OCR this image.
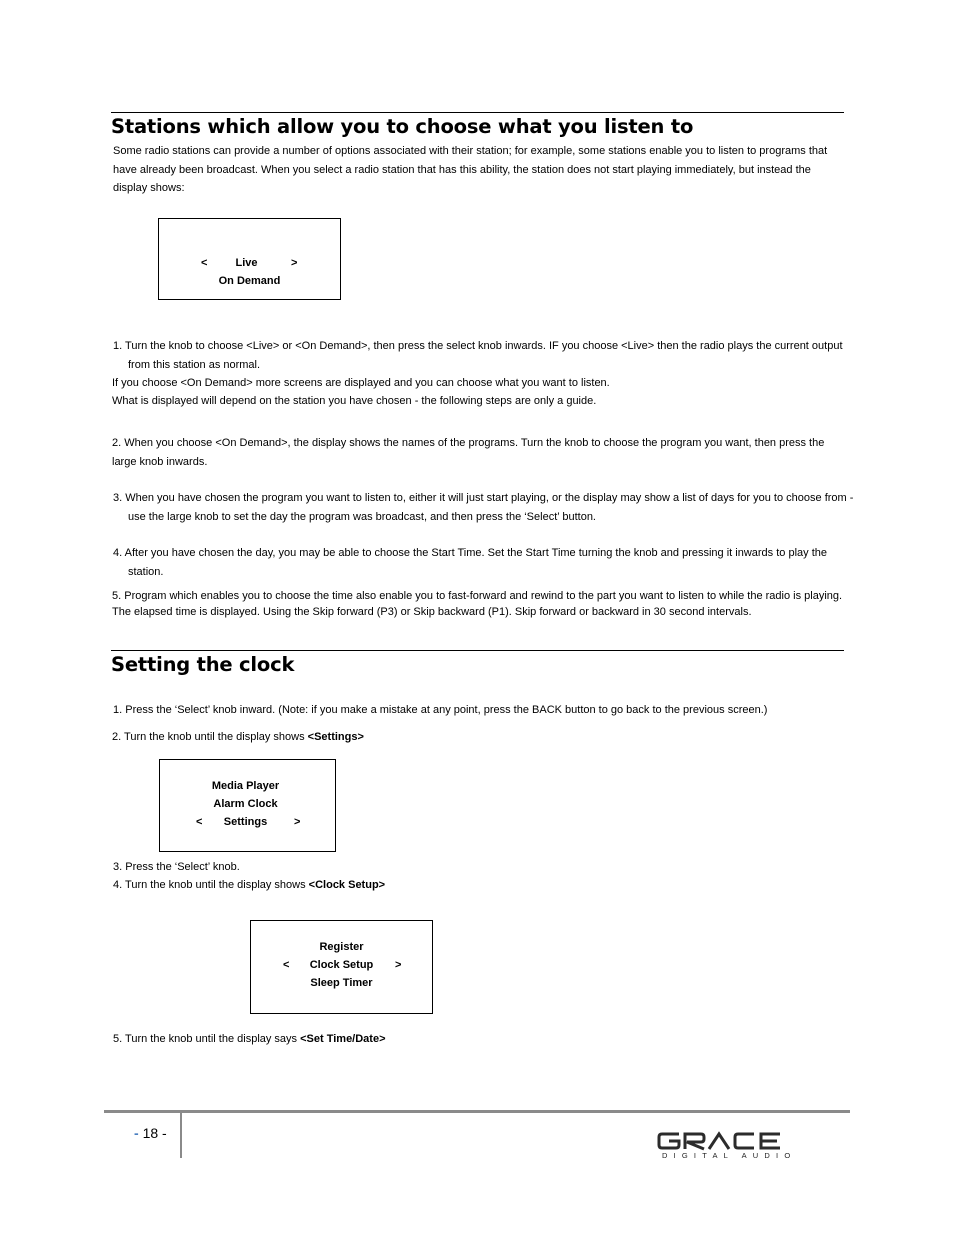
Stations which allow you to choose what you listen to
Some radio stations can provide a number of options associated with their station; for example, some stations enable you to listen to programs that have already been broadcast. When you select a radio station that has this ability, the station does not start playing immediately, but instead the display shows:
<	Live	>
On Demand
1. Turn the knob to choose <Live> or <On Demand>, then press the select knob inwards. IF you choose <Live> then the radio plays the current output from this station as normal.
If you choose <On Demand> more screens are displayed and you can choose what you want to listen.
What is displayed will depend on the station you have chosen - the following steps are only a guide.
2. When you choose <On Demand>, the display shows the names of the programs. Turn the knob to choose the program you want, then press the large knob inwards.
3. When you have chosen the program you want to listen to, either it will just start playing, or the display may show a list of days for you to choose from - use the large knob to set the day the program was broadcast, and then press the ‘Select’ button.
4. After you have chosen the day, you may be able to choose the Start Time. Set the Start Time turning the knob and pressing it inwards to play the station.
5. Program which enables you to choose the time also enable you to fast-forward and rewind to the part you want to listen to while the radio is playing. The elapsed time is displayed. Using the Skip forward (P3) or Skip backward (P1). Skip forward or backward in 30 second intervals.
Setting the clock
1. Press the ‘Select’ knob inward. (Note: if you make a mistake at any point, press the BACK button to go back to the previous screen.)
2. Turn the knob until the display shows <Settings>
Media Player
Alarm Clock
<	Settings	>
3. Press the ‘Select’ knob.
4. Turn the knob until the display shows <Clock Setup>
Register
<	Clock Setup	>
Sleep Timer
5. Turn the knob until the display says <Set Time/Date>
- 18 -
DIGITAL AUDIO
